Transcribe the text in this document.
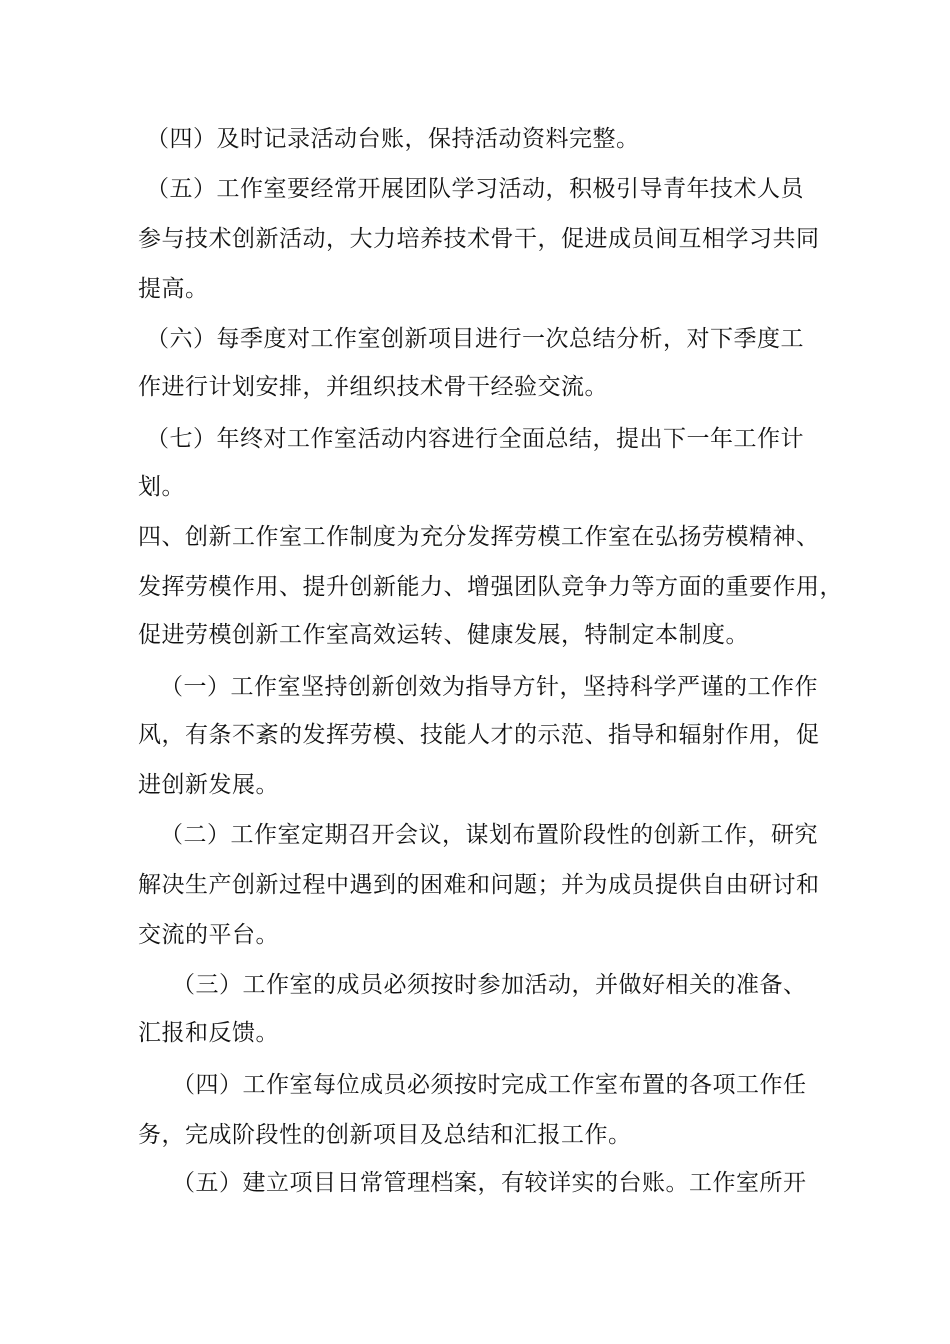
（四）及时记录活动台账，保持活动资料完整。
（五）工作室要经常开展团队学习活动，积极引导青年技术人员
参与技术创新活动，大力培养技术骨干，促进成员间互相学习共同
提高。
（六）每季度对工作室创新项目进行一次总结分析，对下季度工
作进行计划安排，并组织技术骨干经验交流。
（七）年终对工作室活动内容进行全面总结，提出下一年工作计
划。
四、创新工作室工作制度为充分发挥劳模工作室在弘扬劳模精神、
发挥劳模作用、提升创新能力、增强团队竞争力等方面的重要作用，
促进劳模创新工作室高效运转、健康发展，特制定本制度。
（一）工作室坚持创新创效为指导方针，坚持科学严谨的工作作
风，有条不紊的发挥劳模、技能人才的示范、指导和辐射作用，促
进创新发展。
（二）工作室定期召开会议，谋划布置阶段性的创新工作，研究
解决生产创新过程中遇到的困难和问题；并为成员提供自由研讨和
交流的平台。
（三）工作室的成员必须按时参加活动，并做好相关的准备、
汇报和反馈。
（四）工作室每位成员必须按时完成工作室布置的各项工作任
务，完成阶段性的创新项目及总结和汇报工作。
（五）建立项目日常管理档案，有较详实的台账。工作室所开
